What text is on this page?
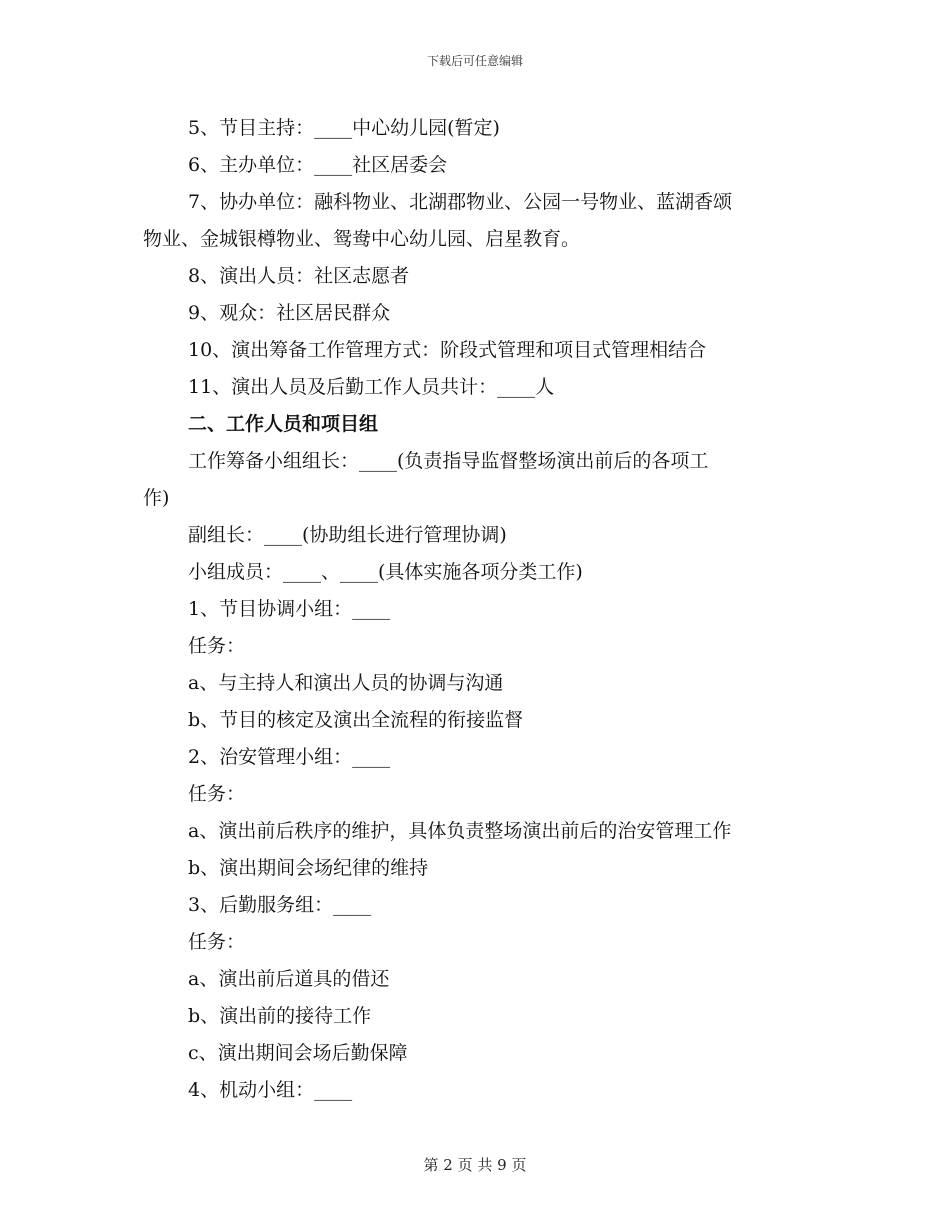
下载后可任意编辑
5、节目主持：____中心幼儿园(暂定)
6、主办单位：____社区居委会
7、协办单位：融科物业、北湖郡物业、公园一号物业、蓝湖香颂
物业、金城银樽物业、鸳鸯中心幼儿园、启星教育。
8、演出人员：社区志愿者
9、观众：社区居民群众
10、演出筹备工作管理方式：阶段式管理和项目式管理相结合
11、演出人员及后勤工作人员共计：____人
二、工作人员和项目组
工作筹备小组组长：____(负责指导监督整场演出前后的各项工
作)
副组长：____(协助组长进行管理协调)
小组成员：____、____(具体实施各项分类工作)
1、节目协调小组：____
任务：
a、与主持人和演出人员的协调与沟通
b、节目的核定及演出全流程的衔接监督
2、治安管理小组：____
任务：
a、演出前后秩序的维护，具体负责整场演出前后的治安管理工作
b、演出期间会场纪律的维持
3、后勤服务组：____
任务：
a、演出前后道具的借还
b、演出前的接待工作
c、演出期间会场后勤保障
4、机动小组：____
第 2 页 共 9 页
